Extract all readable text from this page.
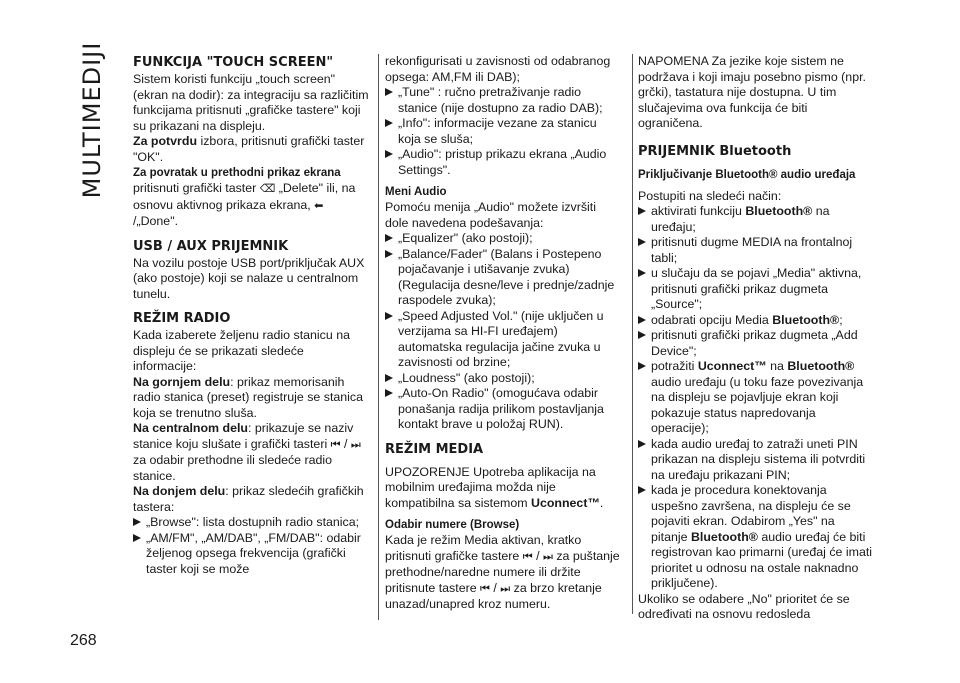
MULTIMEDIJI
268
FUNKCIJA "TOUCH SCREEN"

Sistem koristi funkciju „touch screen" (ekran na dodir): za integraciju sa različitim funkcijama pritisnuti „grafičke tastere" koji su prikazani na displeju.

Za potvrdu izbora, pritisnuti grafički taster "OK".

Za povratak u prethodni prikaz ekrana

pritisnuti grafički taster ⌫ „Delete" ili, na osnovu aktivnog prikaza ekrana, ⬅
/„Done".

USB / AUX PRIJEMNIK

Na vozilu postoje USB port/priključak AUX (ako postoje) koji se nalaze u centralnom tunelu.

REŽIM RADIO

Kada izaberete željenu radio stanicu na displeju će se prikazati sledeće informacije:

Na gornjem delu: prikaz memorisanih radio stanica (preset) registruje se stanica koja se trenutno sluša.

Na centralnom delu: prikazuje se naziv stanice koju slušate i grafički tasteri ⏮ / ⏭ za odabir prethodne ili sledeće radio stanice.

Na donjem delu: prikaz sledećih grafičkih tastera:

„Browse": lista dostupnih radio stanica;
„AM/FM", „AM/DAB", „FM/DAB": odabir željenog opsega frekvencija (grafički taster koji se može

rekonfigurisati u zavisnosti od odabranog opsega: AM,FM ili DAB);

„Tune" : ručno pretraživanje radio stanice (nije dostupno za radio DAB);
„Info": informacije vezane za stanicu koja se sluša;
„Audio": pristup prikazu ekrana „Audio Settings".
Meni Audio

Pomoću menija „Audio" možete izvršiti dole navedena podešavanja:

„Equalizer" (ako postoji);
„Balance/Fader" (Balans i Postepeno pojačavanje i utišavanje zvuka) (Regulacija desne/leve i prednje/zadnje raspodele zvuka);
„Speed Adjusted Vol." (nije uključen u verzijama sa HI-FI uređajem) automatska regulacija jačine zvuka u zavisnosti od brzine;
„Loudness" (ako postoji);
„Auto-On Radio" (omogućava odabir ponašanja radija prilikom postavljanja kontakt brave u položaj RUN).
REŽIM MEDIA

UPOZORENJE Upotreba aplikacija na mobilnim uređajima možda nije kompatibilna sa sistemom Uconnect™.

Odabir numere (Browse)

Kada je režim Media aktivan, kratko pritisnuti grafičke tastere ⏮ / ⏭ za puštanje prethodne/naredne numere ili držite pritisnute tastere ⏮ / ⏭ za brzo kretanje unazad/unapred kroz numeru.

NAPOMENA Za jezike koje sistem ne podržava i koji imaju posebno pismo (npr. grčki), tastatura nije dostupna. U tim slučajevima ova funkcija će biti ograničena.

PRIJEMNIK Bluetooth
Priključivanje Bluetooth® audio uređaja

Postupiti na sledeći način:

aktivirati funkciju Bluetooth® na uređaju;
pritisnuti dugme MEDIA na frontalnoj tabli;
u slučaju da se pojavi „Media" aktivna, pritisnuti grafički prikaz dugmeta „Source";
odabrati opciju Media Bluetooth®;
pritisnuti grafički prikaz dugmeta „Add Device";
potražiti Uconnect™ na Bluetooth® audio uređaju (u toku faze povezivanja na displeju se pojavljuje ekran koji pokazuje status napredovanja operacije);
kada audio uređaj to zatraži uneti PIN prikazan na displeju sistema ili potvrditi na uređaju prikazani PIN;
kada je procedura konektovanja uspešno završena, na displeju će se pojaviti ekran. Odabirom „Yes" na pitanje Bluetooth® audio uređaj će biti registrovan kao primarni (uređaj će imati prioritet u odnosu na ostale naknadno priključene).

Ukoliko se odabere „No" prioritet će se određivati na osnovu redosleda
